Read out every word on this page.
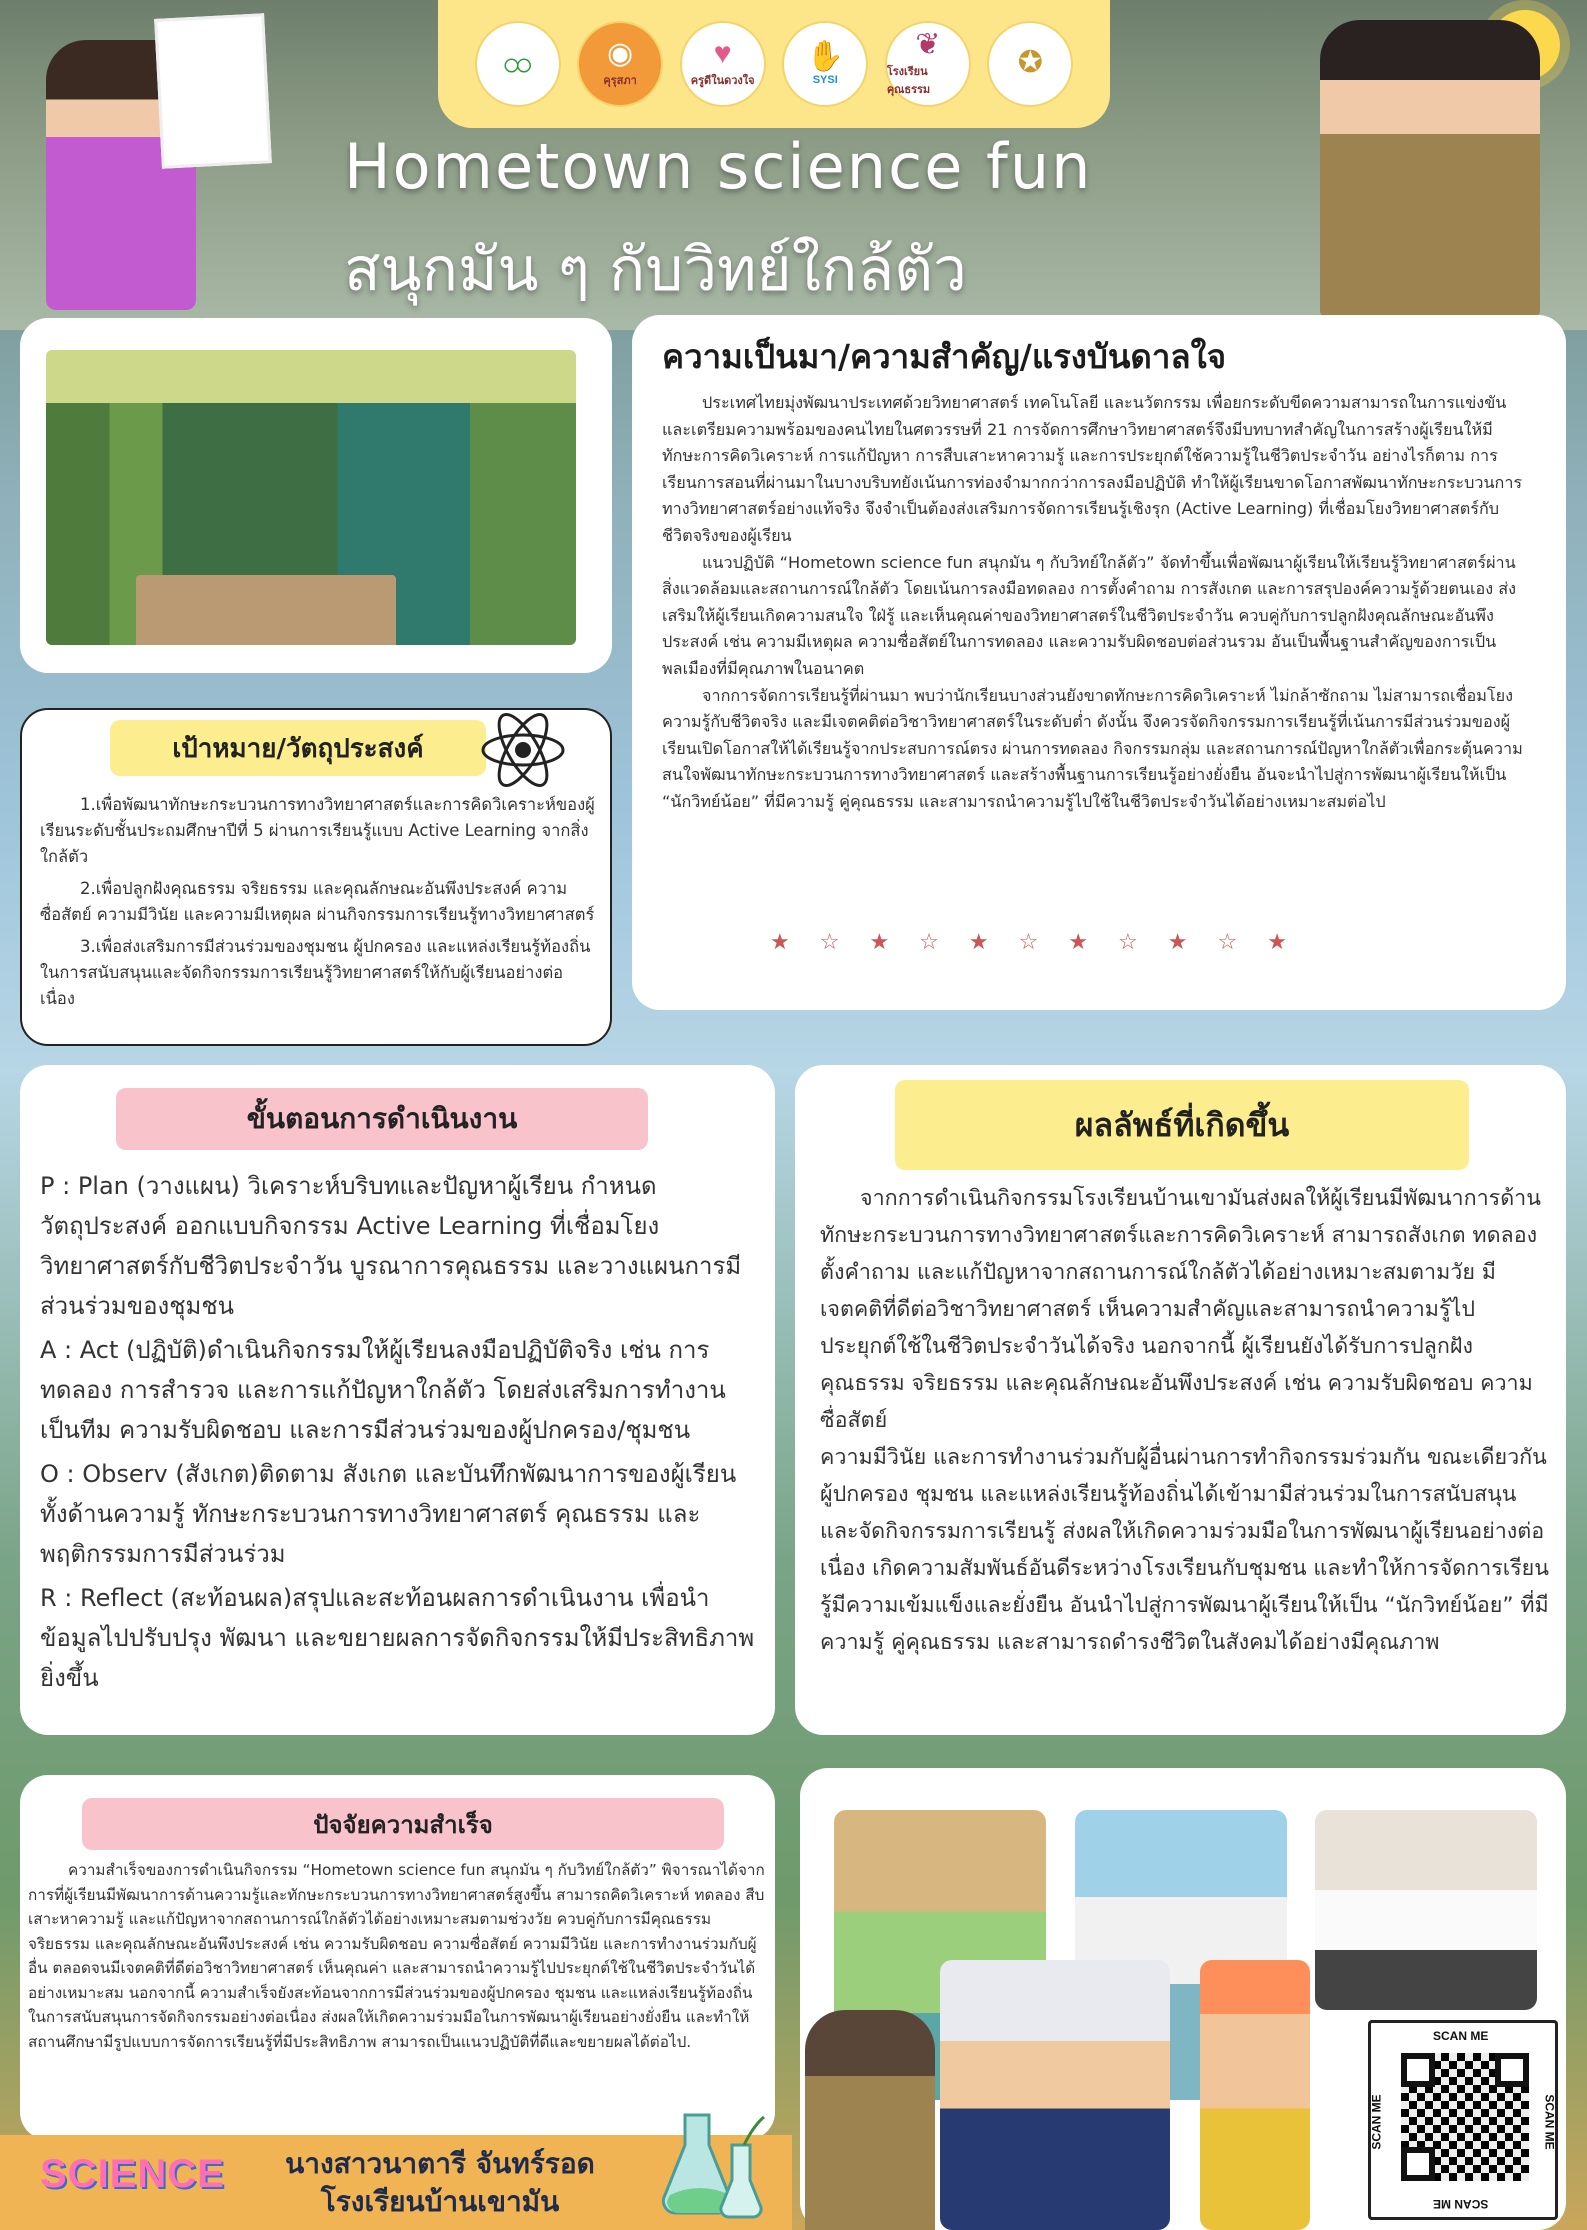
ထ ◉
คุรุสภา
♥
ครูดีในดวงใจ
✋
SYSI
❦
โรงเรียนคุณธรรม
✪
Hometown science fun
สนุกมัน ๆ กับวิทย์ใกล้ตัว
ความเป็นมา/ความสำคัญ/แรงบันดาลใจ

ประเทศไทยมุ่งพัฒนาประเทศด้วยวิทยาศาสตร์ เทคโนโลยี และนวัตกรรม เพื่อยกระดับขีดความสามารถในการแข่งขันและเตรียมความพร้อมของคนไทยในศตวรรษที่ 21 การจัดการศึกษาวิทยาศาสตร์จึงมีบทบาทสำคัญในการสร้างผู้เรียนให้มีทักษะการคิดวิเคราะห์ การแก้ปัญหา การสืบเสาะหาความรู้ และการประยุกต์ใช้ความรู้ในชีวิตประจำวัน อย่างไรก็ตาม การเรียนการสอนที่ผ่านมาในบางบริบทยังเน้นการท่องจำมากกว่าการลงมือปฏิบัติ ทำให้ผู้เรียนขาดโอกาสพัฒนาทักษะกระบวนการทางวิทยาศาสตร์อย่างแท้จริง จึงจำเป็นต้องส่งเสริมการจัดการเรียนรู้เชิงรุก (Active Learning) ที่เชื่อมโยงวิทยาศาสตร์กับชีวิตจริงของผู้เรียน

แนวปฏิบัติ “Hometown science fun สนุกมัน ๆ กับวิทย์ใกล้ตัว” จัดทำขึ้นเพื่อพัฒนาผู้เรียนให้เรียนรู้วิทยาศาสตร์ผ่านสิ่งแวดล้อมและสถานการณ์ใกล้ตัว โดยเน้นการลงมือทดลอง การตั้งคำถาม การสังเกต และการสรุปองค์ความรู้ด้วยตนเอง ส่งเสริมให้ผู้เรียนเกิดความสนใจ ใฝ่รู้ และเห็นคุณค่าของวิทยาศาสตร์ในชีวิตประจำวัน ควบคู่กับการปลูกฝังคุณลักษณะอันพึงประสงค์ เช่น ความมีเหตุผล ความซื่อสัตย์ในการทดลอง และความรับผิดชอบต่อส่วนรวม อันเป็นพื้นฐานสำคัญของการเป็นพลเมืองที่มีคุณภาพในอนาคต

จากการจัดการเรียนรู้ที่ผ่านมา พบว่านักเรียนบางส่วนยังขาดทักษะการคิดวิเคราะห์ ไม่กล้าซักถาม ไม่สามารถเชื่อมโยงความรู้กับชีวิตจริง และมีเจตคติต่อวิชาวิทยาศาสตร์ในระดับต่ำ ดังนั้น จึงควรจัดกิจกรรมการเรียนรู้ที่เน้นการมีส่วนร่วมของผู้เรียนเปิดโอกาสให้ได้เรียนรู้จากประสบการณ์ตรง ผ่านการทดลอง กิจกรรมกลุ่ม และสถานการณ์ปัญหาใกล้ตัวเพื่อกระตุ้นความสนใจพัฒนาทักษะกระบวนการทางวิทยาศาสตร์ และสร้างพื้นฐานการเรียนรู้อย่างยั่งยืน อันจะนำไปสู่การพัฒนาผู้เรียนให้เป็น “นักวิทย์น้อย” ที่มีความรู้ คู่คุณธรรม และสามารถนำความรู้ไปใช้ในชีวิตประจำวันได้อย่างเหมาะสมต่อไป

★☆★☆★☆★☆★☆★
เป้าหมาย/วัตถุประสงค์

1.เพื่อพัฒนาทักษะกระบวนการทางวิทยาศาสตร์และการคิดวิเคราะห์ของผู้เรียนระดับชั้นประถมศึกษาปีที่ 5 ผ่านการเรียนรู้แบบ Active Learning จากสิ่งใกล้ตัว

2.เพื่อปลูกฝังคุณธรรม จริยธรรม และคุณลักษณะอันพึงประสงค์ ความซื่อสัตย์ ความมีวินัย และความมีเหตุผล ผ่านกิจกรรมการเรียนรู้ทางวิทยาศาสตร์

3.เพื่อส่งเสริมการมีส่วนร่วมของชุมชน ผู้ปกครอง และแหล่งเรียนรู้ท้องถิ่น ในการสนับสนุนและจัดกิจกรรมการเรียนรู้วิทยาศาสตร์ให้กับผู้เรียนอย่างต่อเนื่อง

ขั้นตอนการดำเนินงาน

P : Plan (วางแผน) วิเคราะห์บริบทและปัญหาผู้เรียน กำหนดวัตถุประสงค์ ออกแบบกิจกรรม Active Learning ที่เชื่อมโยงวิทยาศาสตร์กับชีวิตประจำวัน บูรณาการคุณธรรม และวางแผนการมีส่วนร่วมของชุมชน

A : Act (ปฏิบัติ)ดำเนินกิจกรรมให้ผู้เรียนลงมือปฏิบัติจริง เช่น การทดลอง การสำรวจ และการแก้ปัญหาใกล้ตัว โดยส่งเสริมการทำงานเป็นทีม ความรับผิดชอบ และการมีส่วนร่วมของผู้ปกครอง/ชุมชน

O : Observ (สังเกต)ติดตาม สังเกต และบันทึกพัฒนาการของผู้เรียน ทั้งด้านความรู้ ทักษะกระบวนการทางวิทยาศาสตร์ คุณธรรม และพฤติกรรมการมีส่วนร่วม

R : Reflect (สะท้อนผล)สรุปและสะท้อนผลการดำเนินงาน เพื่อนำข้อมูลไปปรับปรุง พัฒนา และขยายผลการจัดกิจกรรมให้มีประสิทธิภาพยิ่งขึ้น

ผลลัพธ์ที่เกิดขึ้น

จากการดำเนินกิจกรรมโรงเรียนบ้านเขามันส่งผลให้ผู้เรียนมีพัฒนาการด้านทักษะกระบวนการทางวิทยาศาสตร์และการคิดวิเคราะห์ สามารถสังเกต ทดลอง ตั้งคำถาม และแก้ปัญหาจากสถานการณ์ใกล้ตัวได้อย่างเหมาะสมตามวัย มีเจตคติที่ดีต่อวิชาวิทยาศาสตร์ เห็นความสำคัญและสามารถนำความรู้ไปประยุกต์ใช้ในชีวิตประจำวันได้จริง นอกจากนี้ ผู้เรียนยังได้รับการปลูกฝังคุณธรรม จริยธรรม และคุณลักษณะอันพึงประสงค์ เช่น ความรับผิดชอบ ความซื่อสัตย์

ความมีวินัย และการทำงานร่วมกับผู้อื่นผ่านการทำกิจกรรมร่วมกัน ขณะเดียวกัน ผู้ปกครอง ชุมชน และแหล่งเรียนรู้ท้องถิ่นได้เข้ามามีส่วนร่วมในการสนับสนุนและจัดกิจกรรมการเรียนรู้ ส่งผลให้เกิดความร่วมมือในการพัฒนาผู้เรียนอย่างต่อเนื่อง เกิดความสัมพันธ์อันดีระหว่างโรงเรียนกับชุมชน และทำให้การจัดการเรียนรู้มีความเข้มแข็งและยั่งยืน อันนำไปสู่การพัฒนาผู้เรียนให้เป็น “นักวิทย์น้อย” ที่มีความรู้ คู่คุณธรรม และสามารถดำรงชีวิตในสังคมได้อย่างมีคุณภาพ

ปัจจัยความสำเร็จ

ความสำเร็จของการดำเนินกิจกรรม “Hometown science fun สนุกมัน ๆ กับวิทย์ใกล้ตัว” พิจารณาได้จากการที่ผู้เรียนมีพัฒนาการด้านความรู้และทักษะกระบวนการทางวิทยาศาสตร์สูงขึ้น สามารถคิดวิเคราะห์ ทดลอง สืบเสาะหาความรู้ และแก้ปัญหาจากสถานการณ์ใกล้ตัวได้อย่างเหมาะสมตามช่วงวัย ควบคู่กับการมีคุณธรรม จริยธรรม และคุณลักษณะอันพึงประสงค์ เช่น ความรับผิดชอบ ความซื่อสัตย์ ความมีวินัย และการทำงานร่วมกับผู้อื่น ตลอดจนมีเจตคติที่ดีต่อวิชาวิทยาศาสตร์ เห็นคุณค่า และสามารถนำความรู้ไปประยุกต์ใช้ในชีวิตประจำวันได้อย่างเหมาะสม นอกจากนี้ ความสำเร็จยังสะท้อนจากการมีส่วนร่วมของผู้ปกครอง ชุมชน และแหล่งเรียนรู้ท้องถิ่นในการสนับสนุนการจัดกิจกรรมอย่างต่อเนื่อง ส่งผลให้เกิดความร่วมมือในการพัฒนาผู้เรียนอย่างยั่งยืน และทำให้สถานศึกษามีรูปแบบการจัดการเรียนรู้ที่มีประสิทธิภาพ สามารถเป็นแนวปฏิบัติที่ดีและขยายผลได้ต่อไป.	SCAN ME
SCAN ME
SCAN ME	SCAN ME
SCIENCE	นางสาวนาตารี จันทร์รอด
โรงเรียนบ้านเขามัน
